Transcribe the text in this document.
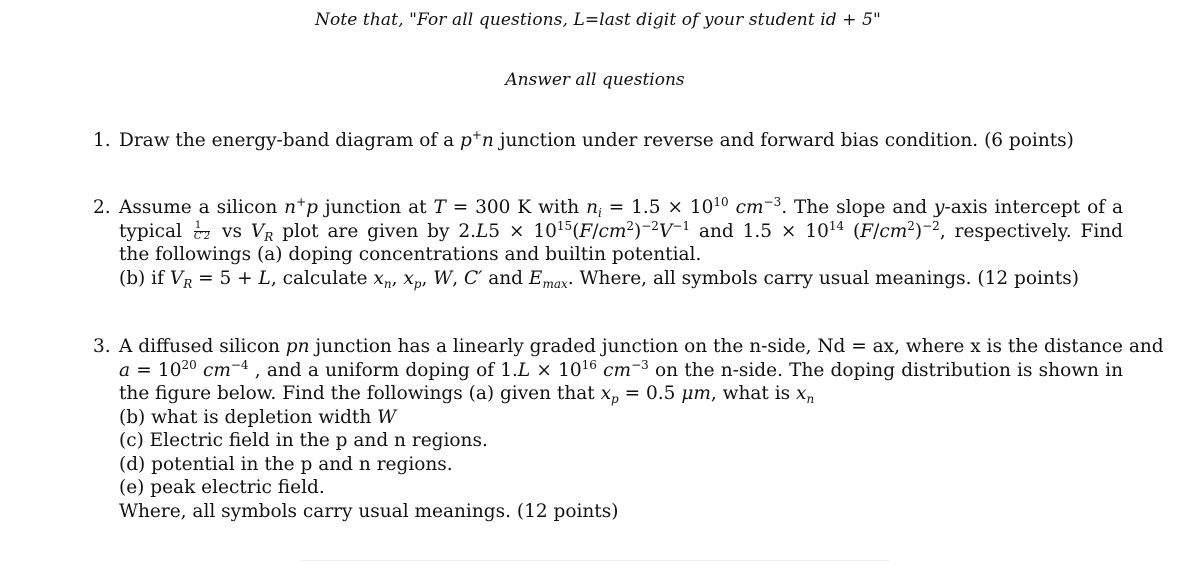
Note that, "For all questions, L=last digit of your student id + 5"
Answer all questions
1. Draw the energy-band diagram of a p+n junction under reverse and forward bias condition. (6 points)
2. Assume a silicon n+p junction at T = 300 K with $n_i = 1.5 \times 10^{10}$ $cm^{-3}$. The slope and y-axis intercept of a
typical $\frac{1}{C'2}$ vs $V_R$ plot are given by $2.L5 \times 10^{15}(F/cm^2)^{-2}V^{-1}$ and $1.5 \times 10^{14}$ $(F/cm^2)^{-2}$, respectively. Find
the followings (a) doping concentrations and builtin potential.
(b) if $V_R = 5 + L$, calculate $x_n$, $x_p$, W, C′ and $E_{max}$. Where, all symbols carry usual meanings. (12 points)
3. A diffused silicon pn junction has a linearly graded junction on the n-side, Nd = ax, where x is the distance and
$a = 10^{20}$ $cm^{-4}$ , and a uniform doping of $1.L \times 10^{16}$ $cm^{-3}$ on the n-side. The doping distribution is shown in
the figure below. Find the followings (a) given that $x_p = 0.5$ μm, what is $x_n$
(b) what is depletion width W
(c) Electric field in the p and n regions.
(d) potential in the p and n regions.
(e) peak electric field.
Where, all symbols carry usual meanings. (12 points)
